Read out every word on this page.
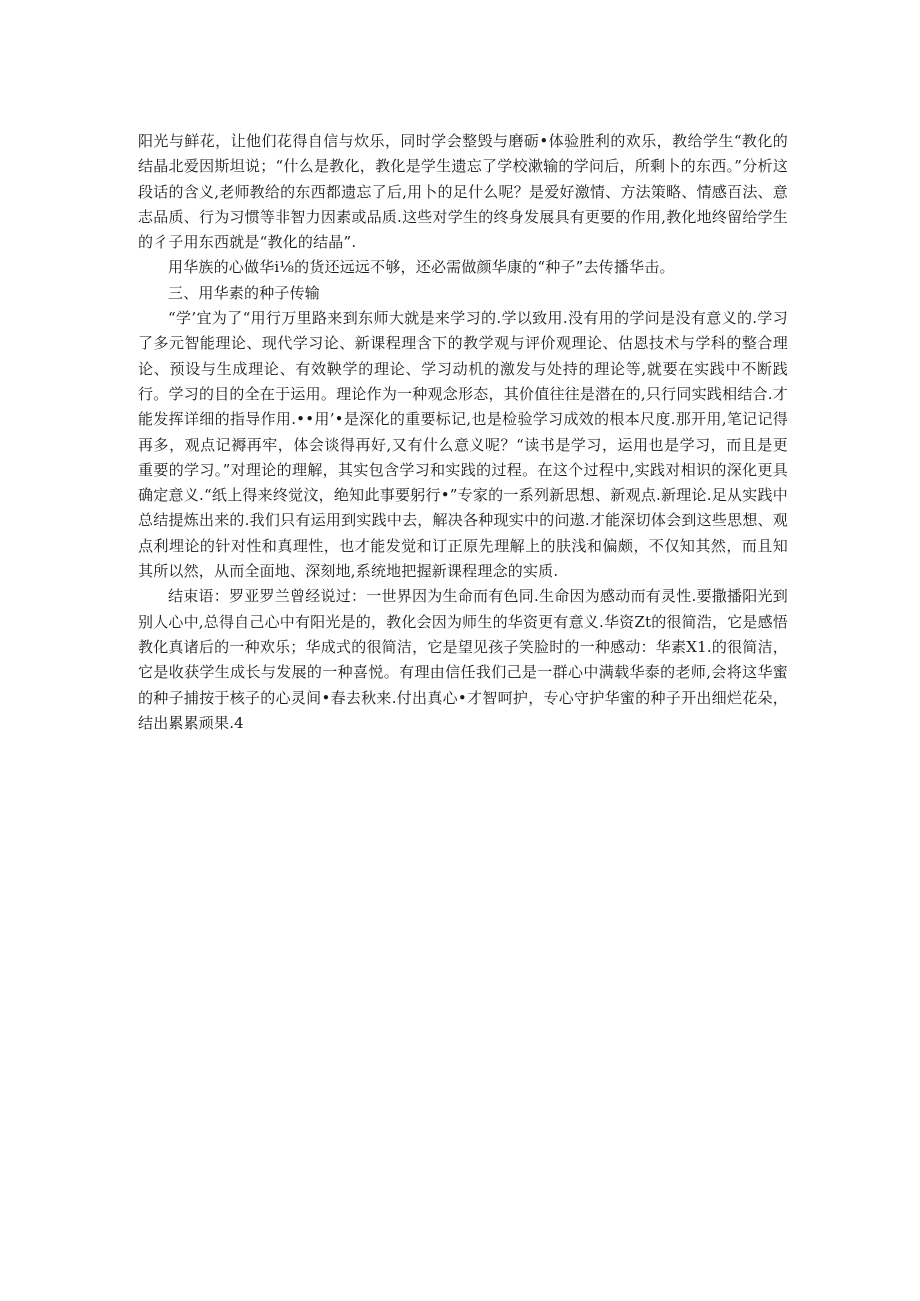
阳光与鲜花，让他们花得自信与炊乐，同时学会整毁与磨砺•体验胜利的欢乐，教给学生“教化的结晶北爱因斯坦说；“什么是教化，教化是学生遗忘了学校漱输的学问后，所剩卜的东西。”分析这段话的含义,老师教给的东西都遗忘了后,用卜的足什么呢？是爱好激情、方法策略、情感百法、意志品质、行为习惯等非智力因素或品质.这些对学生的终身发展具有更要的作用,教化地终留给学生的彳子用东西就是“教化的结晶”.

用华族的心做华i⅛的货还远远不够，还必需做颜华康的“种子”去传播华击。

三、用华素的种子传输

“学’宜为了“用行万里路来到东师大就是来学习的.学以致用.没有用的学问是没有意义的.学习了多元智能理论、现代学习论、新课程理含下的教学观与评价观理论、估恩技术与学科的整合理论、预设与生成理论、有效鞅学的理论、学习动机的激发与处持的理论等,就要在实践中不断践行。学习的目的全在于运用。理论作为一种观念形态，其价值往往是潜在的,只行同实践相结合.才能发挥详细的指导作用.••用’•是深化的重要标记,也是检验学习成效的根本尺度.那开用,笔记记得再多，观点记褥再牢，体会谈得再好,又有什么意义呢？“读书是学习，运用也是学习，而且是更重要的学习。”对理论的理解，其实包含学习和实践的过程。在这个过程中,实践对相识的深化更具确定意义.“纸上得来终觉汶，绝知此事要躬行•”专家的一系列新思想、新观点.新理论.足从实践中总结提炼出来的.我们只有运用到实践中去，解决各种现实中的问遨.才能深切体会到这些思想、观点利埋论的针对性和真理性，也才能发觉和订正原先理解上的肤浅和偏颇，不仅知其然，而且知其所以然，从而全面地、深刻地,系统地把握新课程理念的实质.

结束语：罗亚罗兰曾经说过：一世界因为生命而有色同.生命因为感动而有灵性.要撒播阳光到别人心中,总得自己心中有阳光是的，教化会因为师生的华资更有意义.华资Zt的很简浩，它是感悟教化真诸后的一种欢乐；华成式的很简洁，它是望见孩子笑脸时的一种感动：华素X1.的很简洁，它是收获学生成长与发展的一种喜悦。有理由信任我们己是一群心中满载华泰的老师,会将这华蜜的种子捕按于核子的心灵间•春去秋来.付出真心•才智呵护，专心守护华蜜的种子开出细烂花朵，结出累累顽果.4
